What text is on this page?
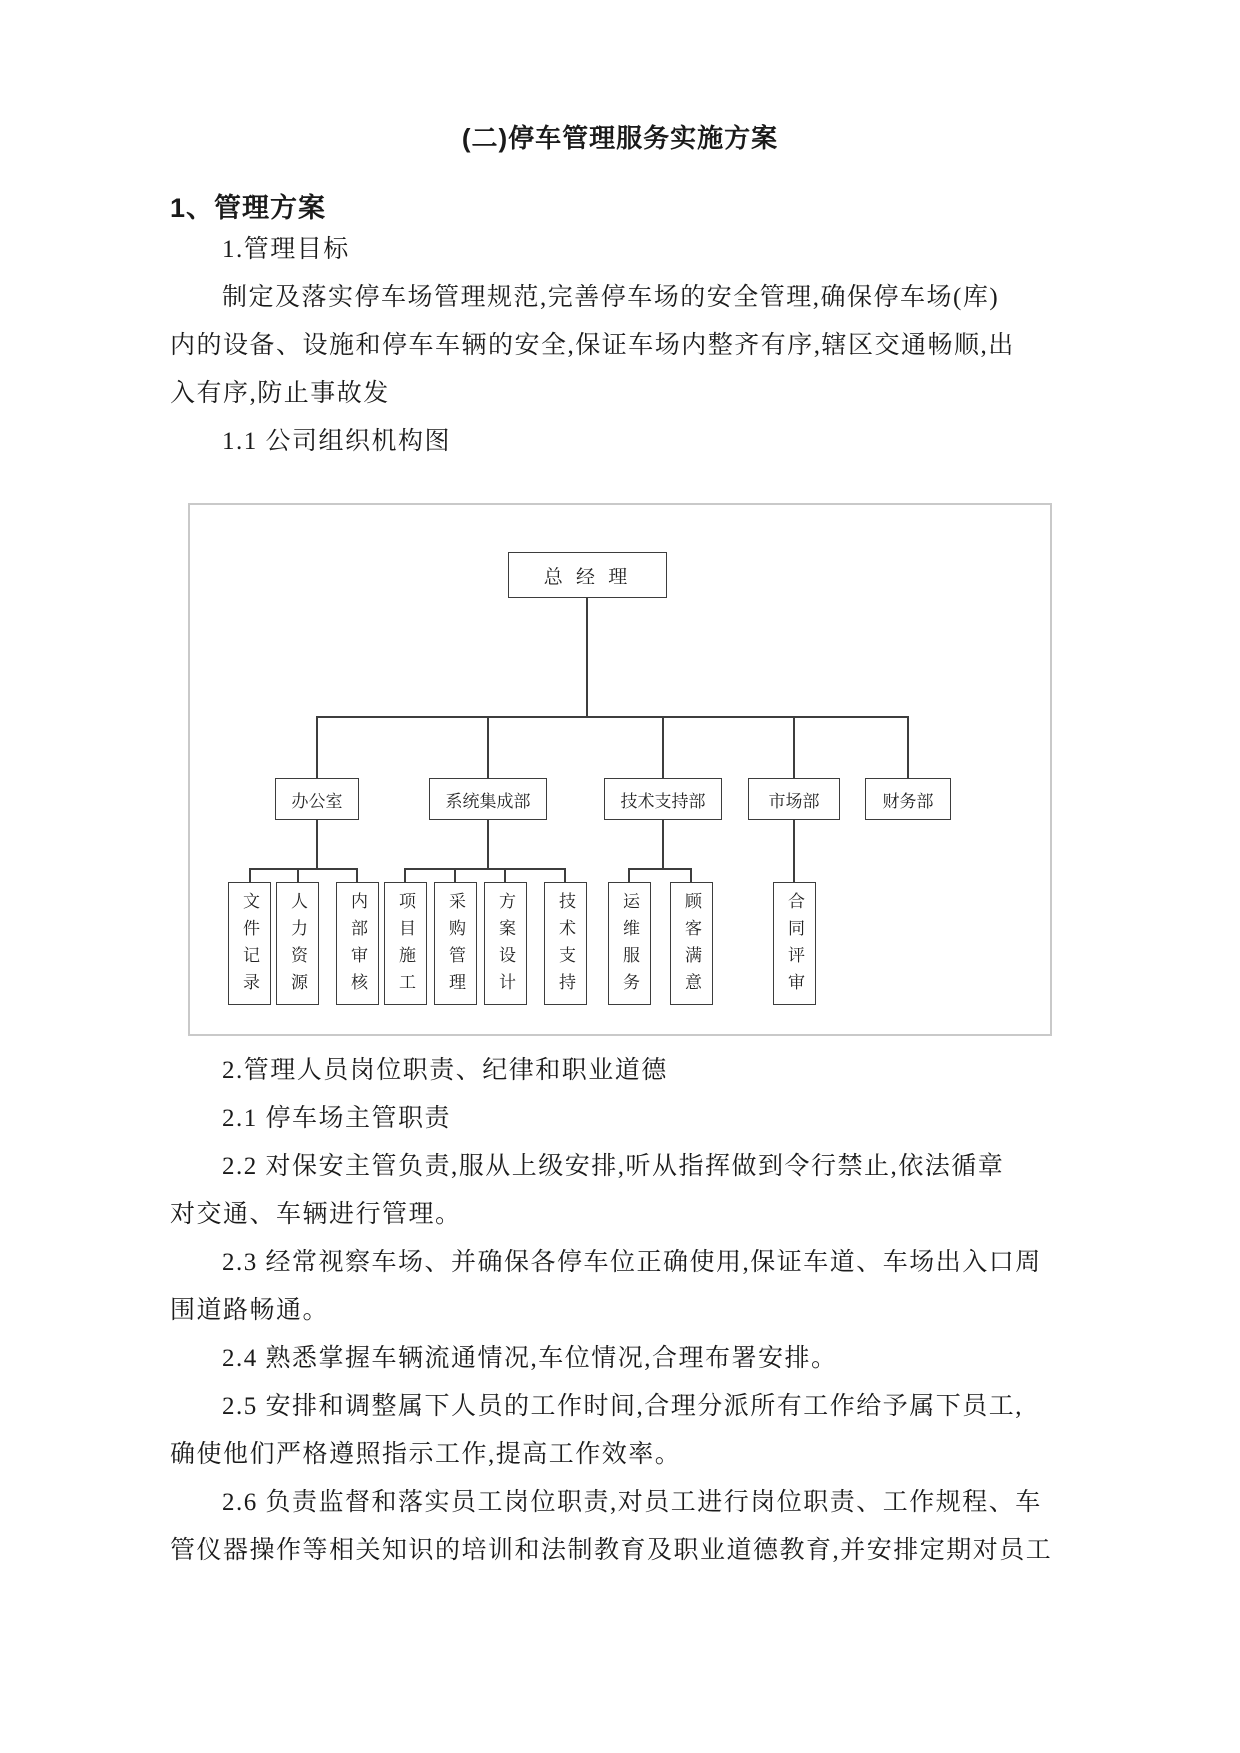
(二)停车管理服务实施方案
1、管理方案
1.管理目标
制定及落实停车场管理规范,完善停车场的安全管理,确保停车场(库)
内的设备、设施和停车车辆的安全,保证车场内整齐有序,辖区交通畅顺,出
入有序,防止事故发
1.1 公司组织机构图
总 经 理
办公室	系统集成部	技术支持部	市场部	财务部
文件记录	人力资源	内部审核	项目施工	采购管理	方案设计	技术支持	运维服务	顾客满意	合同评审
2.管理人员岗位职责、纪律和职业道德
2.1 停车场主管职责
2.2 对保安主管负责,服从上级安排,听从指挥做到令行禁止,依法循章
对交通、车辆进行管理。
2.3 经常视察车场、并确保各停车位正确使用,保证车道、车场出入口周
围道路畅通。
2.4 熟悉掌握车辆流通情况,车位情况,合理布署安排。
2.5 安排和调整属下人员的工作时间,合理分派所有工作给予属下员工,
确使他们严格遵照指示工作,提高工作效率。
2.6 负责监督和落实员工岗位职责,对员工进行岗位职责、工作规程、车
管仪器操作等相关知识的培训和法制教育及职业道德教育,并安排定期对员工
